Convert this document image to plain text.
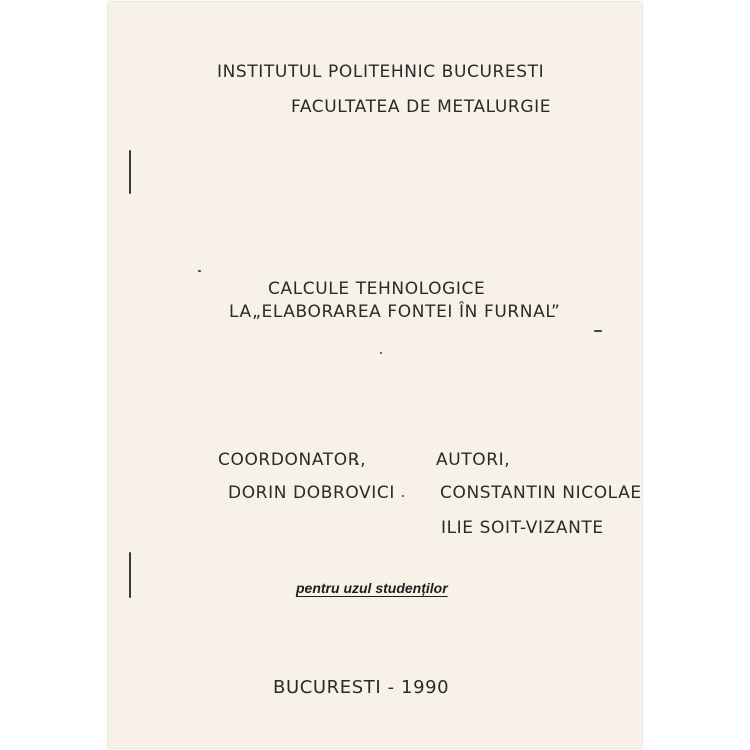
INSTITUTUL POLITEHNIC BUCURESTI
FACULTATEA DE METALURGIE
CALCULE TEHNOLOGICE
LA„ELABORAREA FONTEI ÎN FURNAL”
COORDONATOR,
DORIN DOBROVICI
AUTORI,
CONSTANTIN NICOLAE
ILIE SOIT-VIZANTE
pentru uzul studenților
BUCURESTI - 1990
